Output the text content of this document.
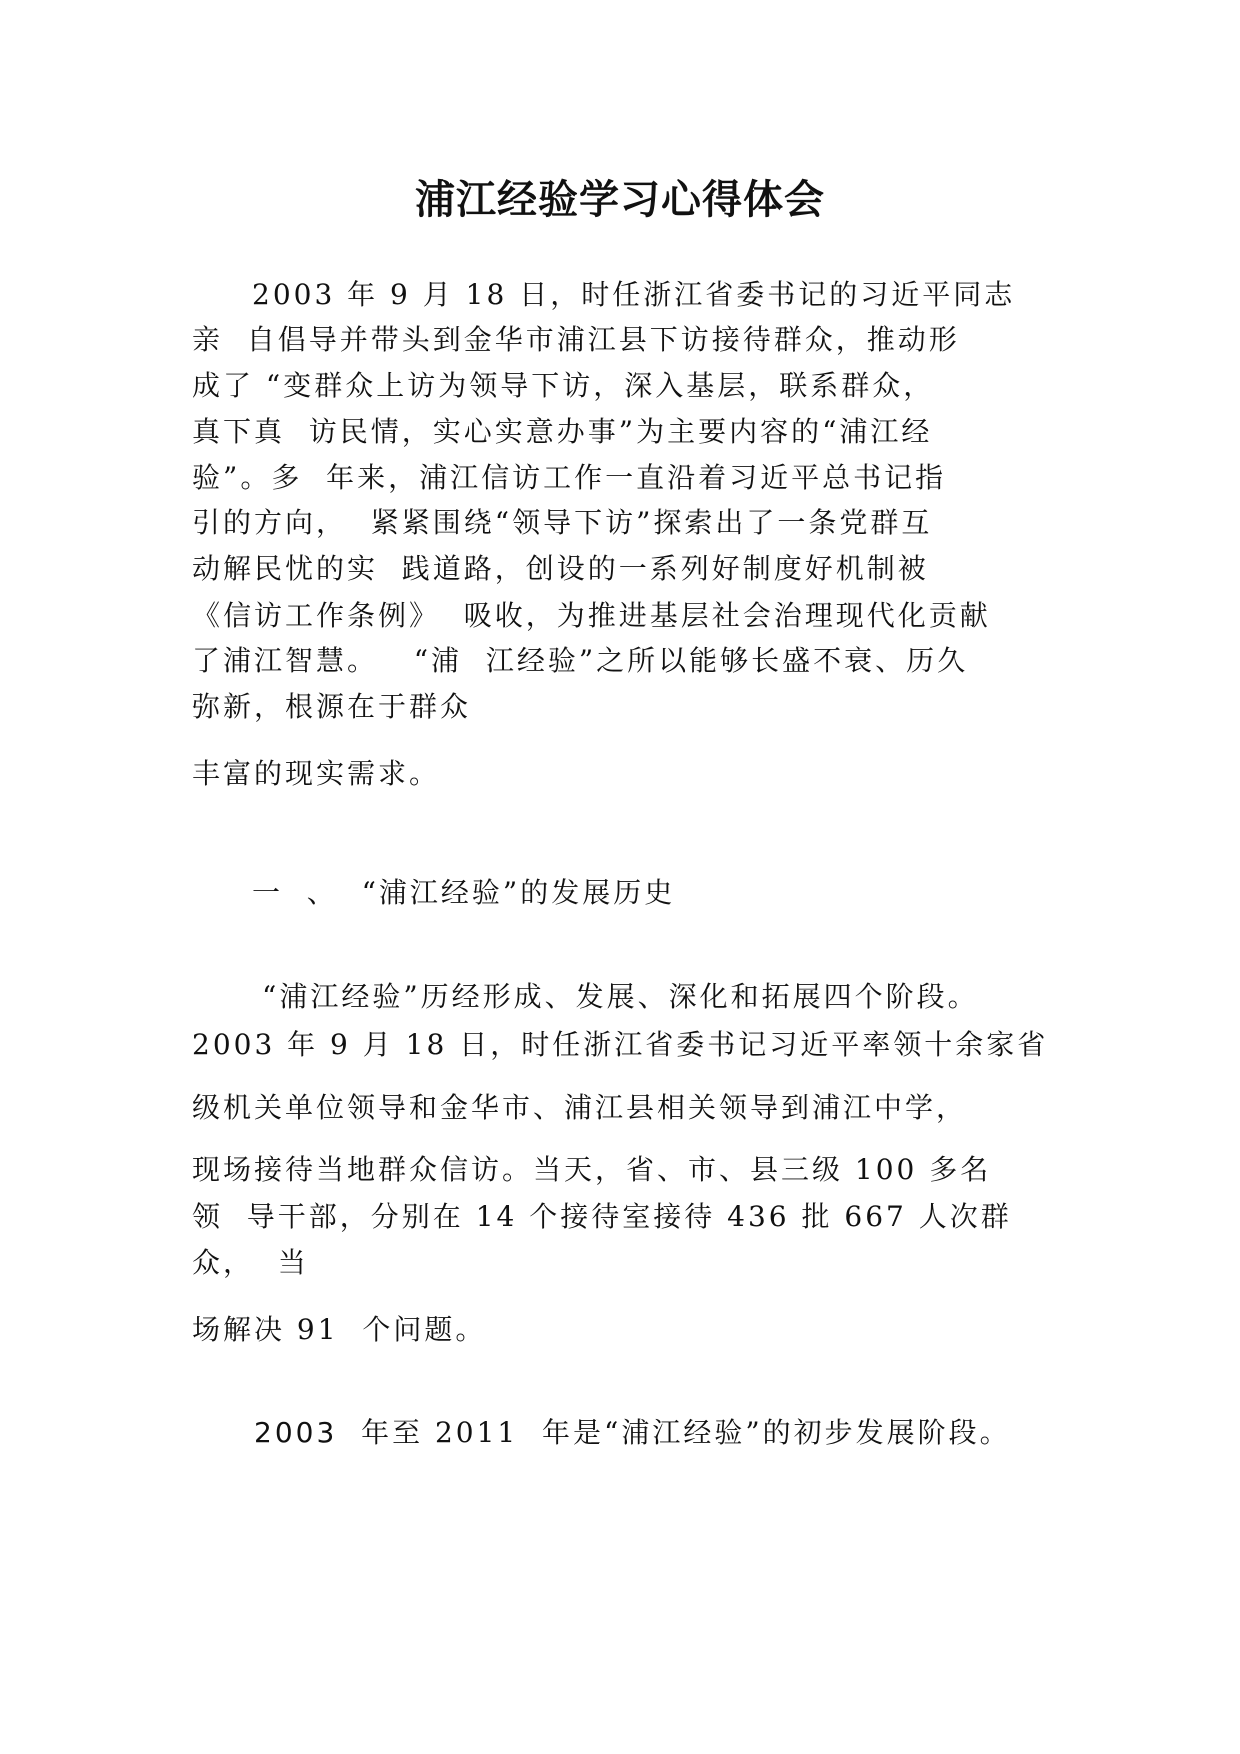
浦江经验学习心得体会

2003 年 9 月 18 日，时任浙江省委书记的习近平同志

亲  自倡导并带头到金华市浦江县下访接待群众，推动形

成了 “变群众上访为领导下访，深入基层，联系群众，

真下真  访民情，实心实意办事”为主要内容的“浦江经

验”。多  年来，浦江信访工作一直沿着习近平总书记指

引的方向，  紧紧围绕“领导下访”探索出了一条党群互

动解民忧的实  践道路，创设的一系列好制度好机制被

《信访工作条例》  吸收，为推进基层社会治理现代化贡献

了浦江智慧。   “浦  江经验”之所以能够长盛不衰、历久

弥新，根源在于群众

丰富的现实需求。

一  、  “浦江经验”的发展历史

“浦江经验”历经形成、发展、深化和拓展四个阶段。

2003 年 9 月 18 日，时任浙江省委书记习近平率领十余家省

级机关单位领导和金华市、浦江县相关领导到浦江中学，

现场接待当地群众信访。当天，省、市、县三级 100 多名

领  导干部，分别在 14 个接待室接待 436 批 667 人次群

众，  当

场解决 91  个问题。

2003  年至 2011  年是“浦江经验”的初步发展阶段。
